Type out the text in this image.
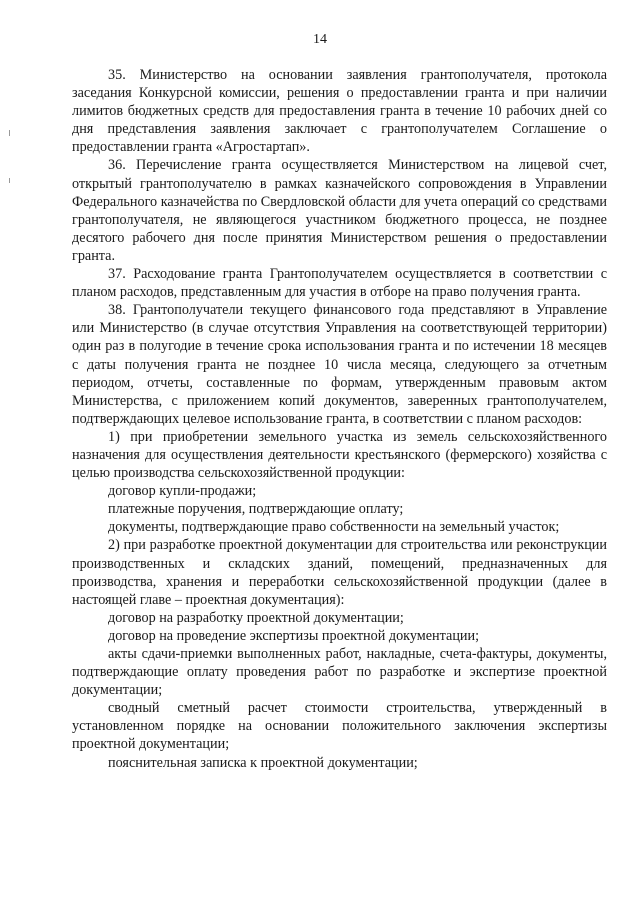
14

35. Министерство на основании заявления грантополучателя, протокола заседания Конкурсной комиссии, решения о предоставлении гранта и при наличии лимитов бюджетных средств для предоставления гранта в течение 10 рабочих дней со дня представления заявления заключает с грантополучателем Соглашение о предоставлении гранта «Агростартап».

36. Перечисление гранта осуществляется Министерством на лицевой счет, открытый грантополучателю в рамках казначейского сопровождения в Управлении Федерального казначейства по Свердловской области для учета операций со средствами грантополучателя, не являющегося участником бюджетного процесса, не позднее десятого рабочего дня после принятия Министерством решения о предоставлении гранта.

37. Расходование гранта Грантополучателем осуществляется в соответствии с планом расходов, представленным для участия в отборе на право получения гранта.

38. Грантополучатели текущего финансового года представляют в Управление или Министерство (в случае отсутствия Управления на соответствующей территории) один раз в полугодие в течение срока использования гранта и по истечении 18 месяцев с даты получения гранта не позднее 10 числа месяца, следующего за отчетным периодом, отчеты, составленные по формам, утвержденным правовым актом Министерства, с приложением копий документов, заверенных грантополучателем, подтверждающих целевое использование гранта, в соответствии с планом расходов:

1) при приобретении земельного участка из земель сельскохозяйственного назначения для осуществления деятельности крестьянского (фермерского) хозяйства с целью производства сельскохозяйственной продукции:

договор купли-продажи;

платежные поручения, подтверждающие оплату;

документы, подтверждающие право собственности на земельный участок;

2) при разработке проектной документации для строительства или реконструкции производственных и складских зданий, помещений, предназначенных для производства, хранения и переработки сельскохозяйственной продукции (далее в настоящей главе – проектная документация):

договор на разработку проектной документации;

договор на проведение экспертизы проектной документации;

акты сдачи-приемки выполненных работ, накладные, счета-фактуры, документы, подтверждающие оплату проведения работ по разработке и экспертизе проектной документации;

сводный сметный расчет стоимости строительства, утвержденный в установленном порядке на основании положительного заключения экспертизы проектной документации;

пояснительная записка к проектной документации;
